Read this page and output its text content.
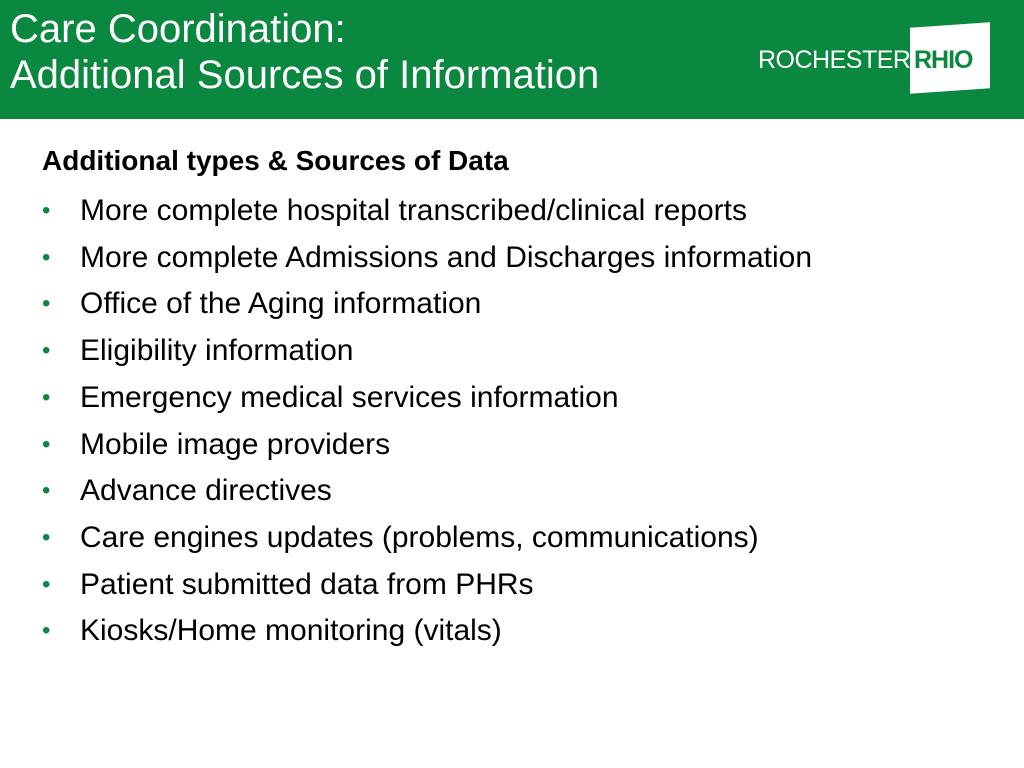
Care Coordination:
Additional Sources of Information	ROCHESTER RHIO
Additional types & Sources of Data
• More complete hospital transcribed/clinical reports
• More complete Admissions and Discharges information
• Office of the Aging information
• Eligibility information
• Emergency medical services information
• Mobile image providers
• Advance directives
• Care engines updates (problems, communications)
• Patient submitted data from PHRs
• Kiosks/Home monitoring (vitals)
